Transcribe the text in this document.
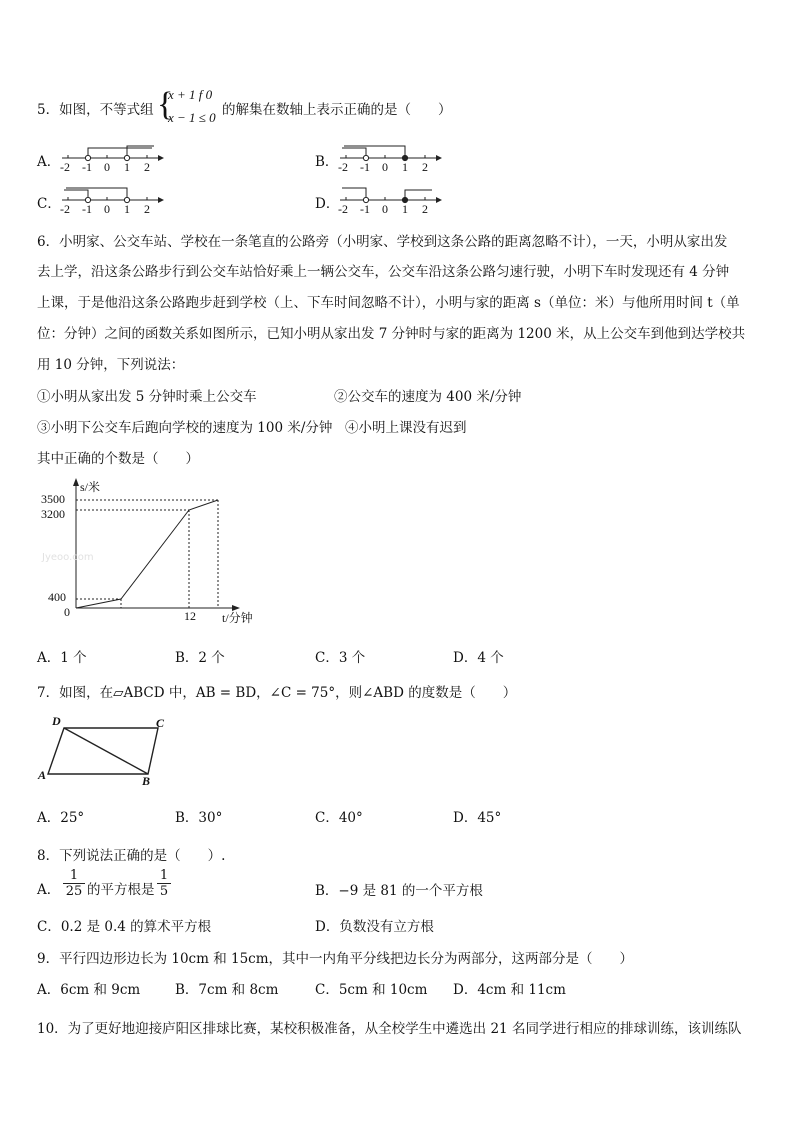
5．如图，不等式组 {
x + 1 f 0
x − 1 ≤ 0 的解集在数轴上表示正确的是（　　）
A． -2 -1 0 1 2	B． -2 -1 0 1 2
C． -2 -1 0 1 2	D．
-2 -1 0 1 2
6．小明家、公交车站、学校在一条笔直的公路旁（小明家、学校到这条公路的距离忽略不计），一天，小明从家出发
去上学，沿这条公路步行到公交车站恰好乘上一辆公交车，公交车沿这条公路匀速行驶，小明下车时发现还有 4 分钟
上课，于是他沿这条公路跑步赶到学校（上、下车时间忽略不计），小明与家的距离 s（单位：米）与他所用时间 t（单
位：分钟）之间的函数关系如图所示，已知小明从家出发 7 分钟时与家的距离为 1200 米，从上公交车到他到达学校共
用 10 分钟，下列说法：
①小明从家出发 5 分钟时乘上公交车	②公交车的速度为 400 米/分钟
③小明下公交车后跑向学校的速度为 100 米/分钟 ④小明上课没有迟到
其中正确的个数是（　　）
s/米
3500
3200
400
0	12 t/分钟
Jyeoo.com
A．1 个	B．2 个	C．3 个	D．4 个
7．如图，在▱ABCD 中，AB = BD，∠C = 75°，则∠ABD 的度数是（　　）
D	C
A	B
A．25°	B．30°	C．40°	D．45°
8．下列说法正确的是（　　）.
A．
1
25 的平方根是
1
5	B．−9 是 81 的一个平方根
C．0.2 是 0.4 的算术平方根	D．负数没有立方根
9．平行四边形边长为 10cm 和 15cm，其中一内角平分线把边长分为两部分，这两部分是（　　）
A．6cm 和 9cm	B．7cm 和 8cm	C．5cm 和 10cm D．4cm 和 11cm
10．为了更好地迎接庐阳区排球比赛，某校积极准备，从全校学生中遴选出 21 名同学进行相应的排球训练，该训练队
